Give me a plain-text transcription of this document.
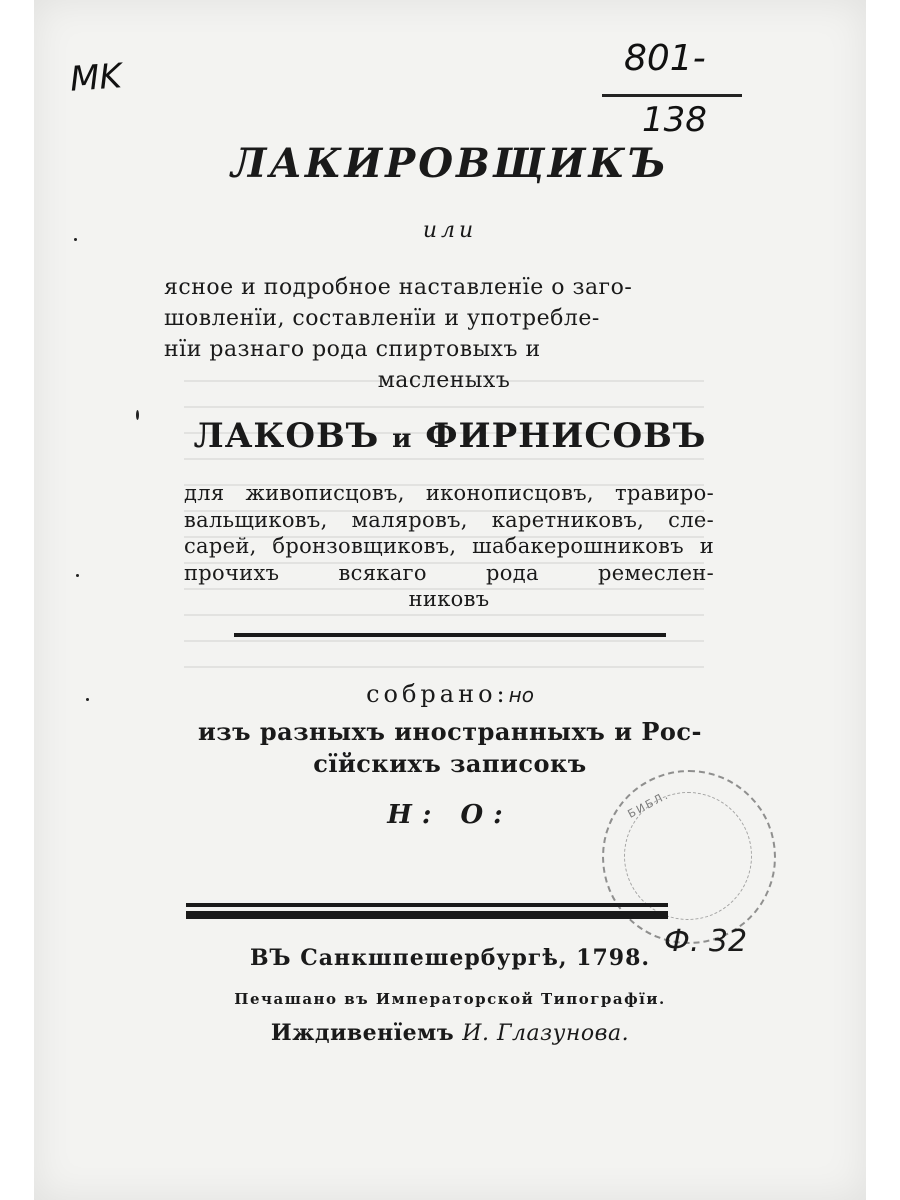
MK	801-
138
ЛАКИРОВЩИКЪ
или
ясное и подробное наставленїе о заго-
шовленїи, составленїи и употребле-
нїи разнаго рода спиртовыхъ и
масленыхъ
ЛАКОВЪ и ФИРНИСОВЪ
для живописцовъ, иконописцовъ, травиро-
вальщиковъ, маляровъ, каретниковъ, сле-
сарей, бронзовщиковъ, шабакерошниковъ и
прочихъ всякаго рода ремеслен-
никовъ
собрано:но
изъ разныхъ иностранныхъ и Рос-
сїйскихъ записокъ
Н: О:	БИБЛ.
ВЪ Санкшпешербургѣ, 1798. Ф. 32
Печашано въ Императорской Типографїи.
Иждивенїемъ И. Глазунова.
